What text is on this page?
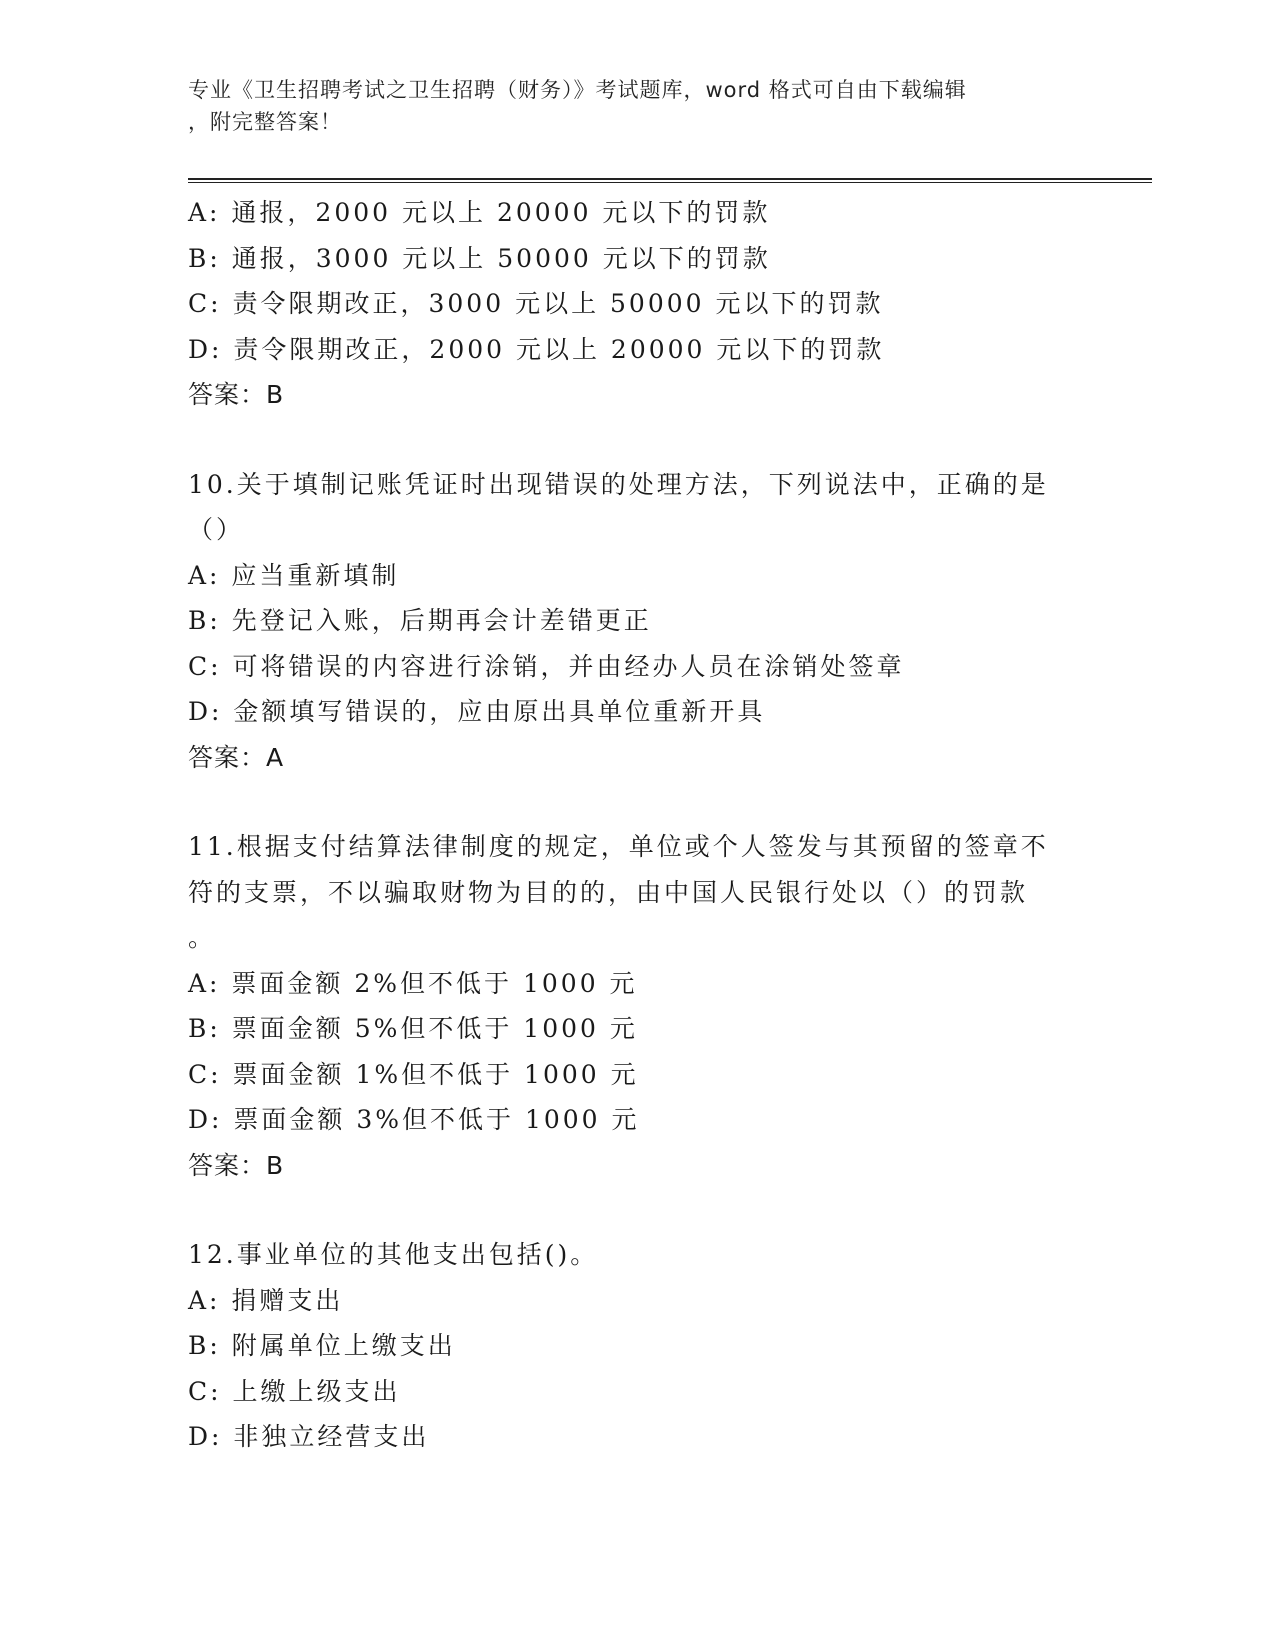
专业《卫生招聘考试之卫生招聘（财务）》考试题库，word 格式可自由下载编辑
，附完整答案！
A: 通报，2000 元以上 20000 元以下的罚款
B: 通报，3000 元以上 50000 元以下的罚款
C: 责令限期改正，3000 元以上 50000 元以下的罚款
D: 责令限期改正，2000 元以上 20000 元以下的罚款
答案：B
10.关于填制记账凭证时出现错误的处理方法，下列说法中，正确的是
（）
A: 应当重新填制
B: 先登记入账，后期再会计差错更正
C: 可将错误的内容进行涂销，并由经办人员在涂销处签章
D: 金额填写错误的，应由原出具单位重新开具
答案：A
11.根据支付结算法律制度的规定，单位或个人签发与其预留的签章不
符的支票，不以骗取财物为目的的，由中国人民银行处以（）的罚款
。
A: 票面金额 2%但不低于 1000 元
B: 票面金额 5%但不低于 1000 元
C: 票面金额 1%但不低于 1000 元
D: 票面金额 3%但不低于 1000 元
答案：B
12.事业单位的其他支出包括()。
A: 捐赠支出
B: 附属单位上缴支出
C: 上缴上级支出
D: 非独立经营支出
